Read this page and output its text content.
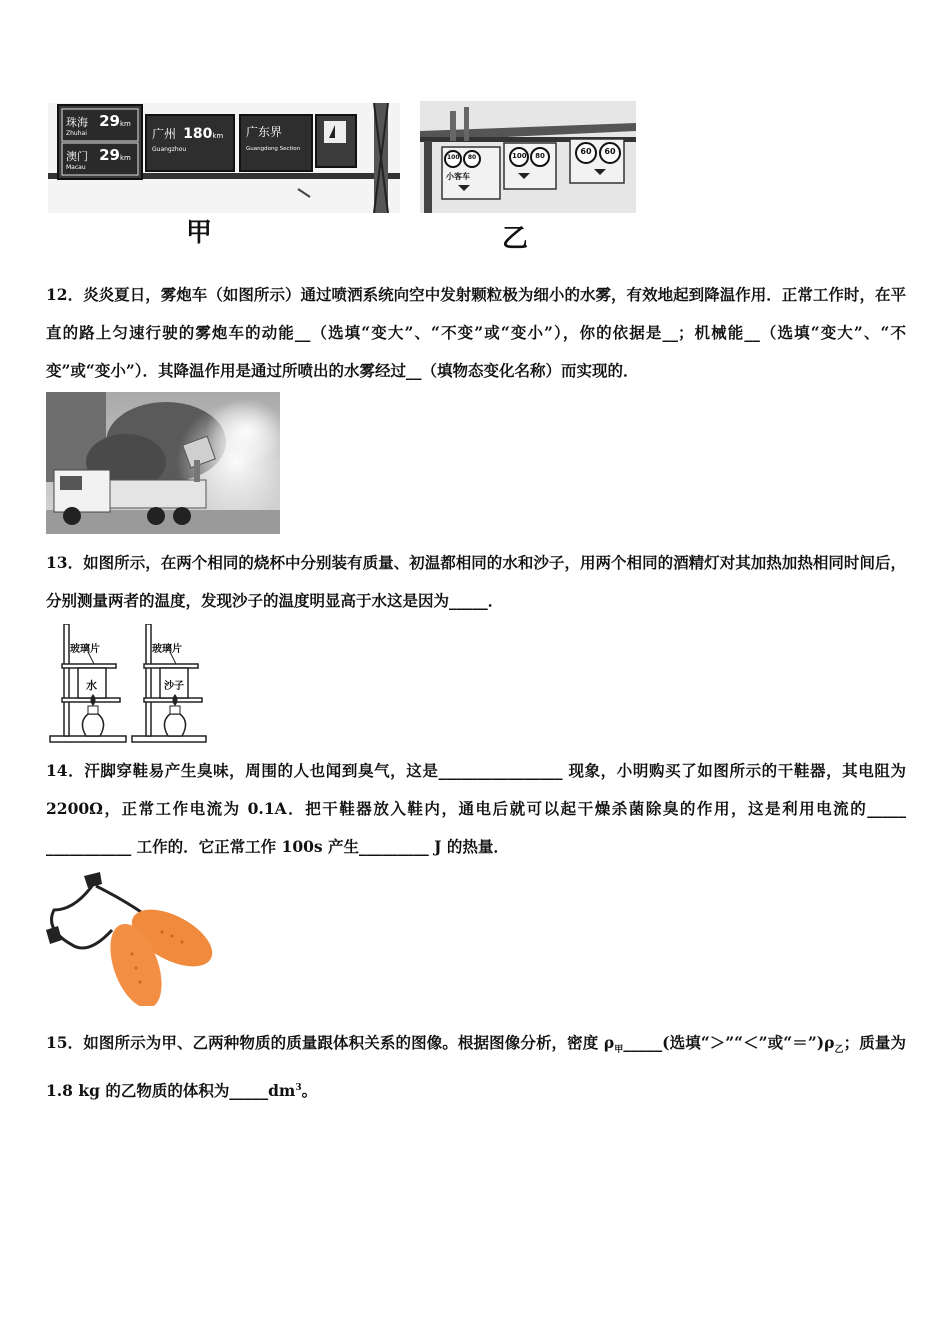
珠海 29km
Zhuhai
澳门 29km
Macau
广州 180km
Guangzhou
广东界
Guangdong Section
甲
100	80	100	80	60	60
小客车
乙

12．炎炎夏日，雾炮车（如图所示）通过喷洒系统向空中发射颗粒极为细小的水雾，有效地起到降温作用．正常工作时，在平直的路上匀速行驶的雾炮车的动能__（选填“变大”、“不变”或“变小”），你的依据是__；机械能__（选填“变大”、“不变”或“变小”）．其降温作用是通过所喷出的水雾经过__（填物态变化名称）而实现的．

13．如图所示，在两个相同的烧杯中分别装有质量、初温都相同的水和沙子，用两个相同的酒精灯对其加热加热相同时间后，分别测量两者的温度，发现沙子的温度明显高于水这是因为_____．

玻璃片	玻璃片
水	沙子

14．汗脚穿鞋易产生臭味，周围的人也闻到臭气，这是________________ 现象，小明购买了如图所示的干鞋器，其电阻为 2200Ω，正常工作电流为 0.1A．把干鞋器放入鞋内，通电后就可以起干燥杀菌除臭的作用，这是利用电流的_____ ___________ 工作的．它正常工作 100s 产生_________ J 的热量．

15．如图所示为甲、乙两种物质的质量跟体积关系的图像。根据图像分析，密度 $\rho_甲\_\_\_\_\_$(选填“＞”“＜”或“$=”)\rho_乙$；质量为 1.8 kg 的乙物质的体积为$\_\_\_\_\_dm^3$。
